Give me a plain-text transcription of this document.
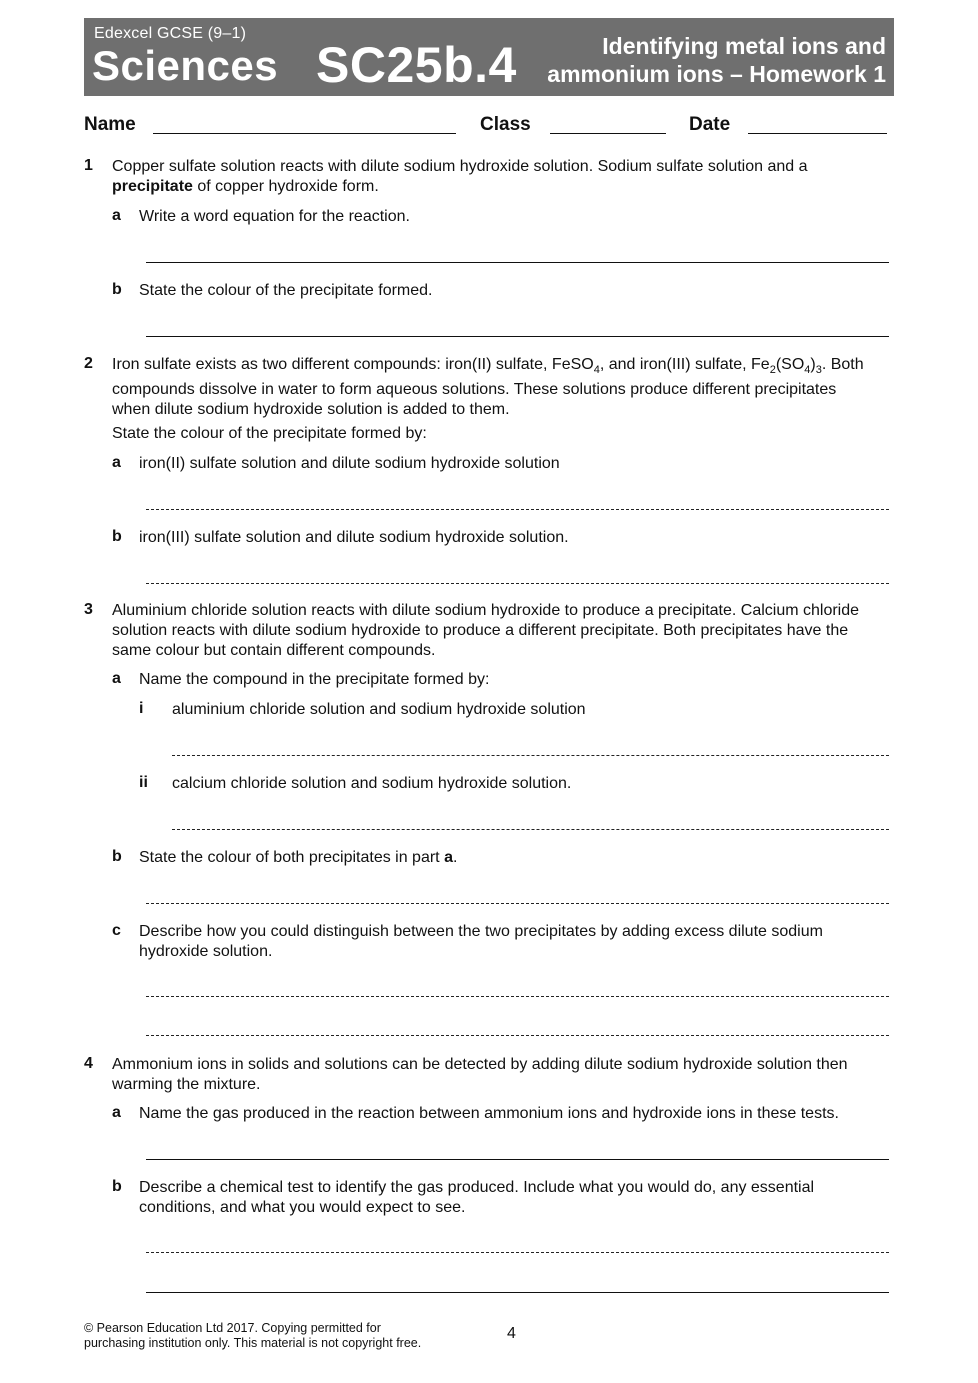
Edexcel GCSE (9–1)
Sciences SC25b.4	Identifying metal ions and
ammonium ions – Homework 1
Name	Class	Date
1 Copper sulfate solution reacts with dilute sodium hydroxide solution. Sodium sulfate solution and a
precipitate of copper hydroxide form.
a Write a word equation for the reaction.
b State the colour of the precipitate formed.
2 Iron sulfate exists as two different compounds: iron(II) sulfate, FeSO$_4$, and iron(III) sulfate, $Fe_2(SO_4)_3$. Both
compounds dissolve in water to form aqueous solutions. These solutions produce different precipitates
when dilute sodium hydroxide solution is added to them.
State the colour of the precipitate formed by:
a iron(II) sulfate solution and dilute sodium hydroxide solution
b iron(III) sulfate solution and dilute sodium hydroxide solution.
3 Aluminium chloride solution reacts with dilute sodium hydroxide to produce a precipitate. Calcium chloride
solution reacts with dilute sodium hydroxide to produce a different precipitate. Both precipitates have the
same colour but contain different compounds.
a Name the compound in the precipitate formed by:
i aluminium chloride solution and sodium hydroxide solution
ii calcium chloride solution and sodium hydroxide solution.
b State the colour of both precipitates in part a.
c Describe how you could distinguish between the two precipitates by adding excess dilute sodium
hydroxide solution.
4 Ammonium ions in solids and solutions can be detected by adding dilute sodium hydroxide solution then
warming the mixture.
a Name the gas produced in the reaction between ammonium ions and hydroxide ions in these tests.
b Describe a chemical test to identify the gas produced. Include what you would do, any essential
conditions, and what you would expect to see.
© Pearson Education Ltd 2017. Copying permitted for
purchasing institution only. This material is not copyright free.
4
